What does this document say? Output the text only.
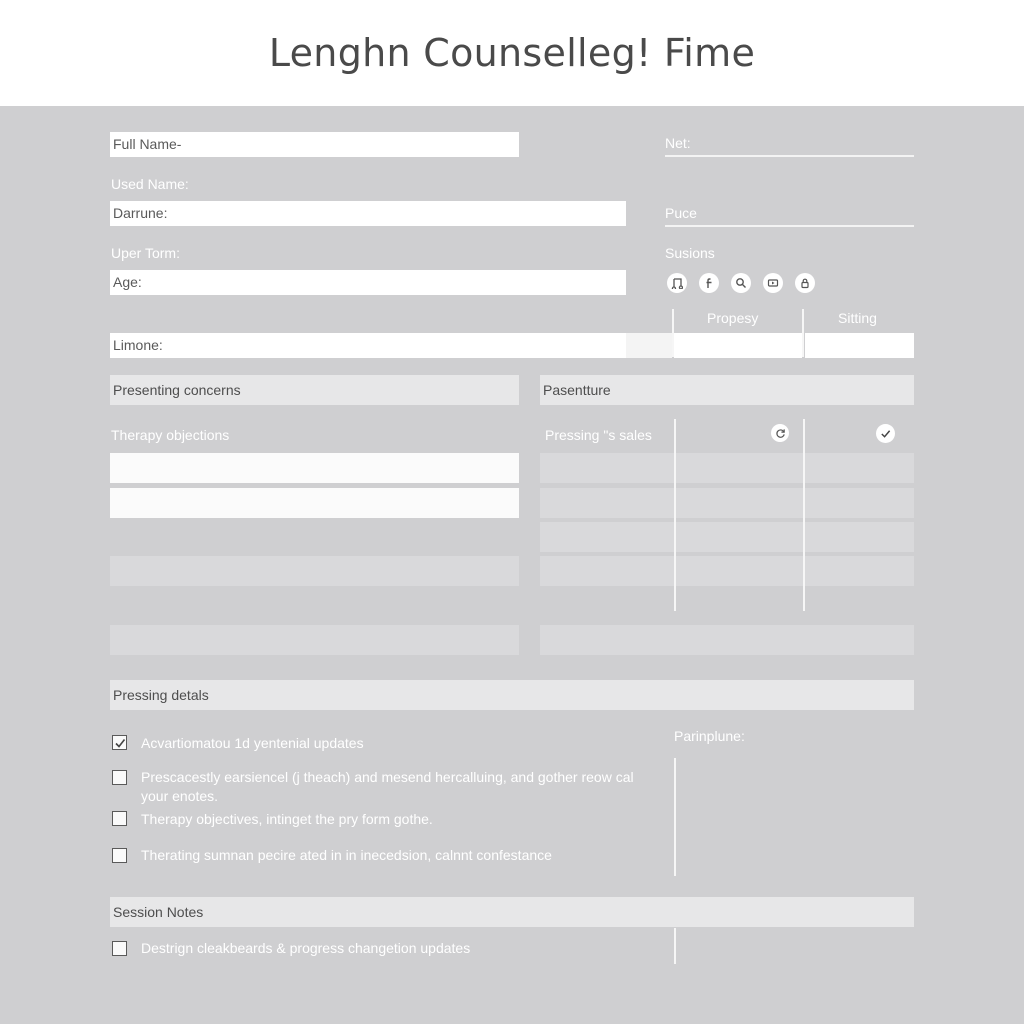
Lenghn Counselleg! Fime
Full Name-
Used Name:
Darrune:
Uper Torm:
Age:
Limone:
Net:
Puce
Susions
Propesy	Sitting
Presenting concerns	Pasentture
Therapy objections	Pressing "s sales
Pressing detals
Acvartiomatou 1d yentenial updates
Prescacestly earsiencel (j theach) and mesend hercalluing, and gother reow cal your enotes.
Therapy objectives, intinget the pry form gothe.
Therating sumnan pecire ated in in inecedsion, calnnt confestance
Parinplune:
Session Notes
Destrign cleakbeards & progress changetion updates
